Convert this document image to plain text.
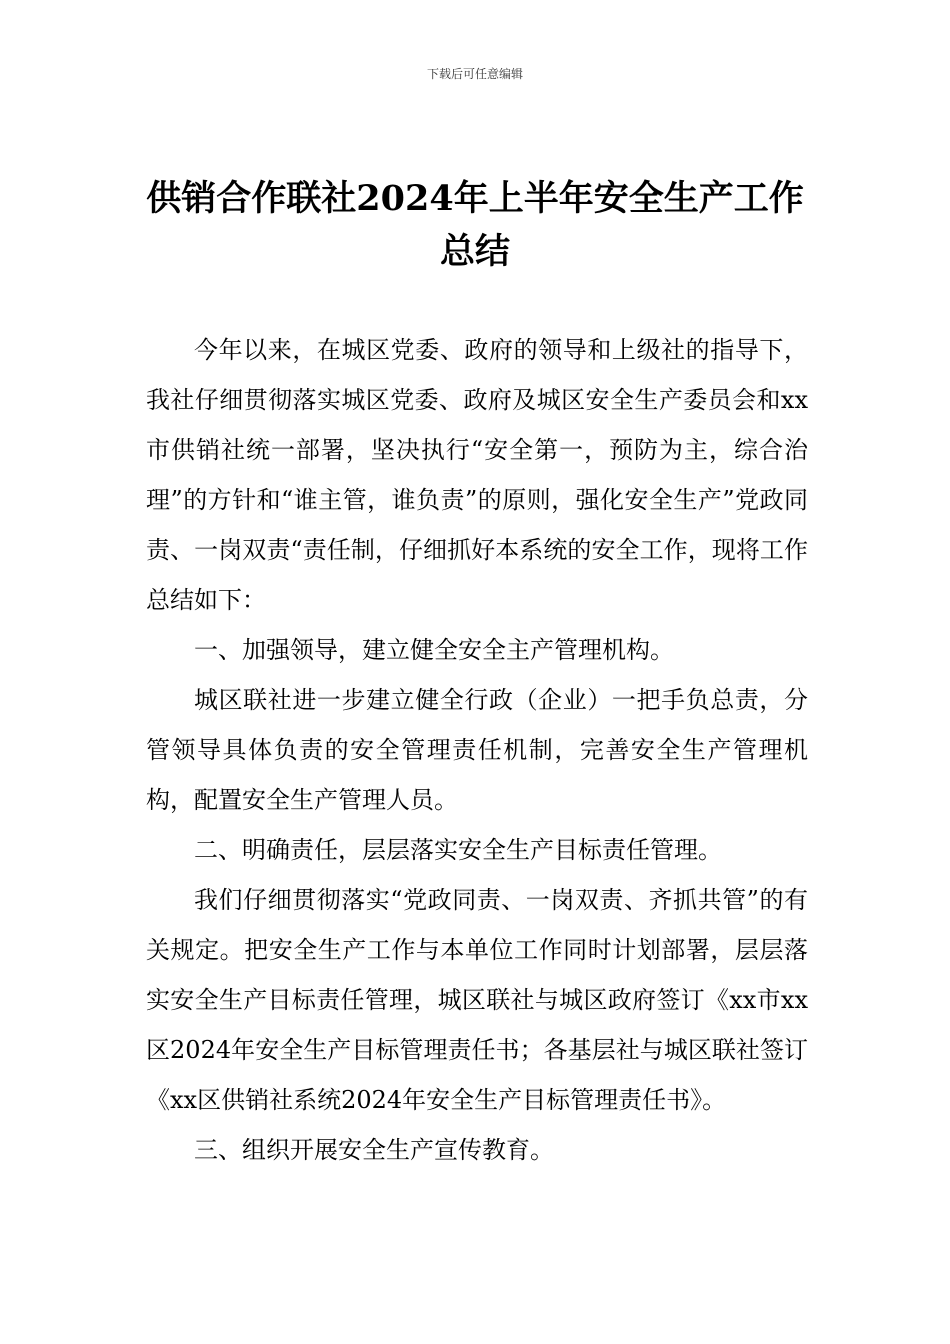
下载后可任意编辑
供销合作联社2024年上半年安全生产工作总结

今年以来，在城区党委、政府的领导和上级社的指导下，我社仔细贯彻落实城区党委、政府及城区安全生产委员会和xx市供销社统一部署，坚决执行“安全第一，预防为主，综合治理”的方针和“谁主管，谁负责”的原则，强化安全生产”党政同责、一岗双责“责任制，仔细抓好本系统的安全工作，现将工作总结如下：

一、加强领导，建立健全安全主产管理机构。

城区联社进一步建立健全行政（企业）一把手负总责，分管领导具体负责的安全管理责任机制，完善安全生产管理机构，配置安全生产管理人员。

二、明确责任，层层落实安全生产目标责任管理。

我们仔细贯彻落实“党政同责、一岗双责、齐抓共管”的有关规定。把安全生产工作与本单位工作同时计划部署，层层落实安全生产目标责任管理，城区联社与城区政府签订《xx市xx区2024年安全生产目标管理责任书；各基层社与城区联社签订《xx区供销社系统2024年安全生产目标管理责任书》。

三、组织开展安全生产宣传教育。
